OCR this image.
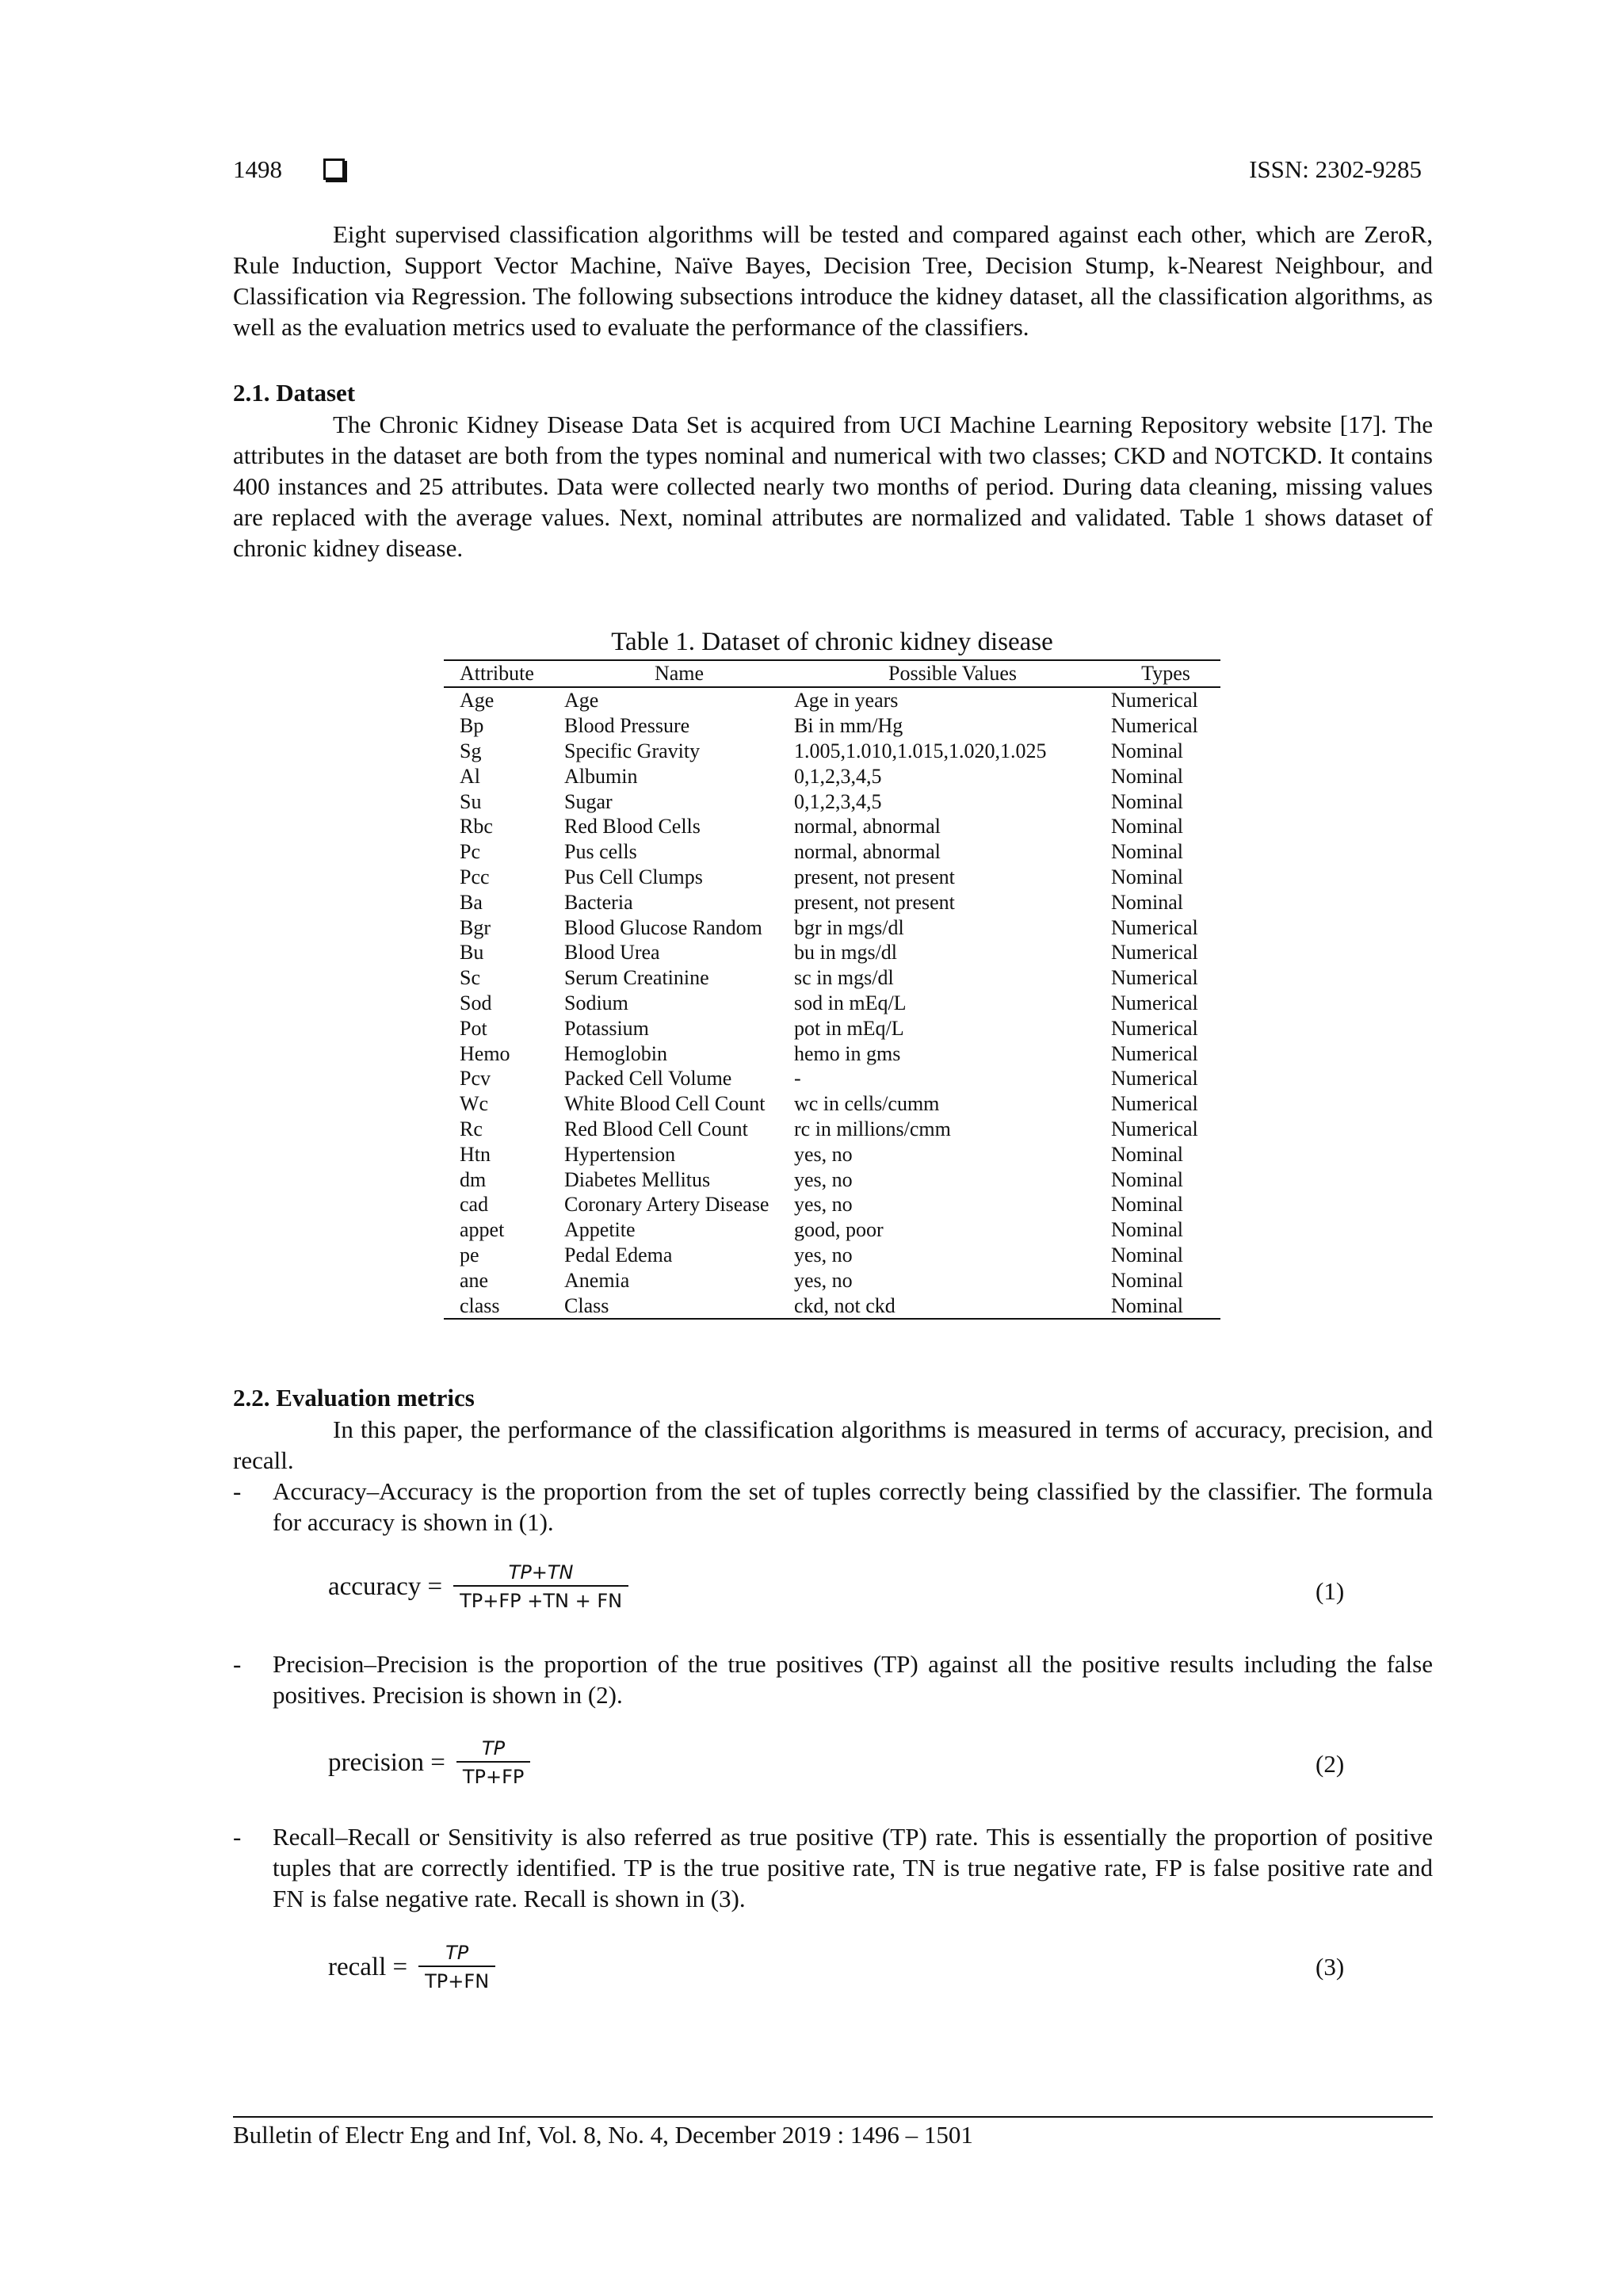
1498	ISSN: 2302-9285
Eight supervised classification algorithms will be tested and compared against each other, which are ZeroR, Rule Induction, Support Vector Machine, Naïve Bayes, Decision Tree, Decision Stump, k-Nearest Neighbour, and Classification via Regression. The following subsections introduce the kidney dataset, all the classification algorithms, as well as the evaluation metrics used to evaluate the performance of the classifiers.
2.1. Dataset
The Chronic Kidney Disease Data Set is acquired from UCI Machine Learning Repository website [17]. The attributes in the dataset are both from the types nominal and numerical with two classes; CKD and NOTCKD. It contains 400 instances and 25 attributes. Data were collected nearly two months of period. During data cleaning, missing values are replaced with the average values. Next, nominal attributes are normalized and validated. Table 1 shows dataset of chronic kidney disease.
Table 1. Dataset of chronic kidney disease
Attribute	Name	Possible Values	Types
Age	Age	Age in years	Numerical
Bp	Blood Pressure	Bi in mm/Hg	Numerical
Sg	Specific Gravity	1.005,1.010,1.015,1.020,1.025	Nominal
Al	Albumin	0,1,2,3,4,5	Nominal
Su	Sugar	0,1,2,3,4,5	Nominal
Rbc	Red Blood Cells	normal, abnormal	Nominal
Pc	Pus cells	normal, abnormal	Nominal
Pcc	Pus Cell Clumps	present, not present	Nominal
Ba	Bacteria	present, not present	Nominal
Bgr	Blood Glucose Random	bgr in mgs/dl	Numerical
Bu	Blood Urea	bu in mgs/dl	Numerical
Sc	Serum Creatinine	sc in mgs/dl	Numerical
Sod	Sodium	sod in mEq/L	Numerical
Pot	Potassium	pot in mEq/L	Numerical
Hemo	Hemoglobin	hemo in gms	Numerical
Pcv	Packed Cell Volume	-	Numerical
Wc	White Blood Cell Count	wc in cells/cumm	Numerical
Rc	Red Blood Cell Count	rc in millions/cmm	Numerical
Htn	Hypertension	yes, no	Nominal
dm	Diabetes Mellitus	yes, no	Nominal
cad	Coronary Artery Disease	yes, no	Nominal
appet	Appetite	good, poor	Nominal
pe	Pedal Edema	yes, no	Nominal
ane	Anemia	yes, no	Nominal
class	Class	ckd, not ckd	Nominal
2.2. Evaluation metrics
In this paper, the performance of the classification algorithms is measured in terms of accuracy, precision, and recall.
- Accuracy–Accuracy is the proportion from the set of tuples correctly being classified by the classifier. The formula for accuracy is shown in (1).
accuracy = $\frac{TP+TN}{TP+FP +TN + FN}$	(1)
- Precision–Precision is the proportion of the true positives (TP) against all the positive results including the false positives. Precision is shown in (2).
precision = $\frac{TP}{TP+FP}$	(2)
- Recall–Recall or Sensitivity is also referred as true positive (TP) rate. This is essentially the proportion of positive tuples that are correctly identified. TP is the true positive rate, TN is true negative rate, FP is false positive rate and FN is false negative rate. Recall is shown in (3).
recall = $\frac{TP}{TP+FN}$	(3)
Bulletin of Electr Eng and Inf, Vol. 8, No. 4, December 2019 : 1496 – 1501
